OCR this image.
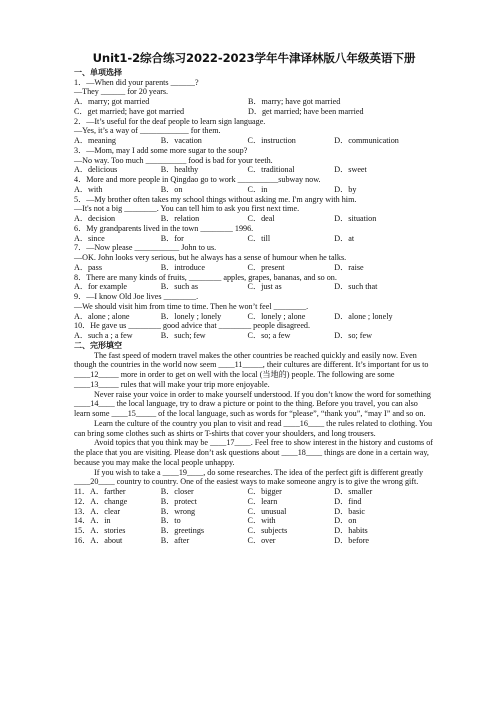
Unit1-2综合练习2022-2023学年牛津译林版八年级英语下册
一、单项选择
1．—When did your parents ______?
—They ______ for 20 years.
A．marry; got married	B．marry; have got married
C．get married; have got married	D．get married; have been married
2．—It’s useful for the deaf people to learn sign language.
—Yes, it’s a way of ____________ for them.
A．meaning	B．vacation	C．instruction	D．communication
3．—Mom, may I add some more sugar to the soup?
—No way. Too much __________ food is bad for your teeth.
A．delicious	B．healthy	C．traditional	D．sweet
4．More and more people in Qingdao go to work __________subway now.
A．with	B．on	C．in	D．by
5．—My brother often takes my school things without asking me. I'm angry with him.
—It's not a big ________. You can tell him to ask you first next time.
A．decision	B．relation	C．deal	D．situation
6．My grandparents lived in the town ________ 1996.
A．since	B．for	C．till	D．at
7．—Now please ___________ John to us.
—OK. John looks very serious, but he always has a sense of humour when he talks.
A．pass	B．introduce	C．present	D．raise
8．There are many kinds of fruits, ________ apples, grapes, bananas, and so on.
A．for example	B．such as	C．just as	D．such that
9．—I know Old Joe lives ________.
—We should visit him from time to time. Then he won’t feel ________.
A．alone ; alone	B．lonely ; lonely	C．lonely ; alone	D．alone ; lonely
10．He gave us ________ good advice that ________ people disagreed.
A．such a ; a few	B．such; few	C．so; a few	D．so; few
二、完形填空
The fast speed of modern travel makes the other countries be reached quickly and easily now. Even though the countries in the world now seem ____11_____, their cultures are different. It’s important for us to ____12_____ more in order to get on well with the local (当地的) people. The following are some ____13_____ rules that will make your trip more enjoyable.
Never raise your voice in order to make yourself understood. If you don’t know the word for something ____14____ the local language, try to draw a picture or point to the thing. Before you travel, you can also learn some ____15_____ of the local language, such as words for “please”, “thank you”, “may I” and so on.
Learn the culture of the country you plan to visit and read ____16____ the rules related to clothing. You can bring some clothes such as shirts or T-shirts that cover your shoulders, and long trousers.
Avoid topics that you think may be ____17____. Feel free to show interest in the history and customs of the place that you are visiting. Please don’t ask questions about ____18____ things are done in a certain way, because you may make the local people unhappy.
If you wish to take a ____19____, do some researches. The idea of the perfect gift is different greatly ____20____ country to country. One of the easiest ways to make someone angry is to give the wrong gift.
11．A．farther	B．closer	C．bigger	D．smaller
12．A．change	B．protect	C．learn	D．find
13．A．clear	B．wrong	C．unusual	D．basic
14．A．in	B．to	C．with	D．on
15．A．stories	B．greetings	C．subjects	D．habits
16．A．about	B．after	C．over	D．before
